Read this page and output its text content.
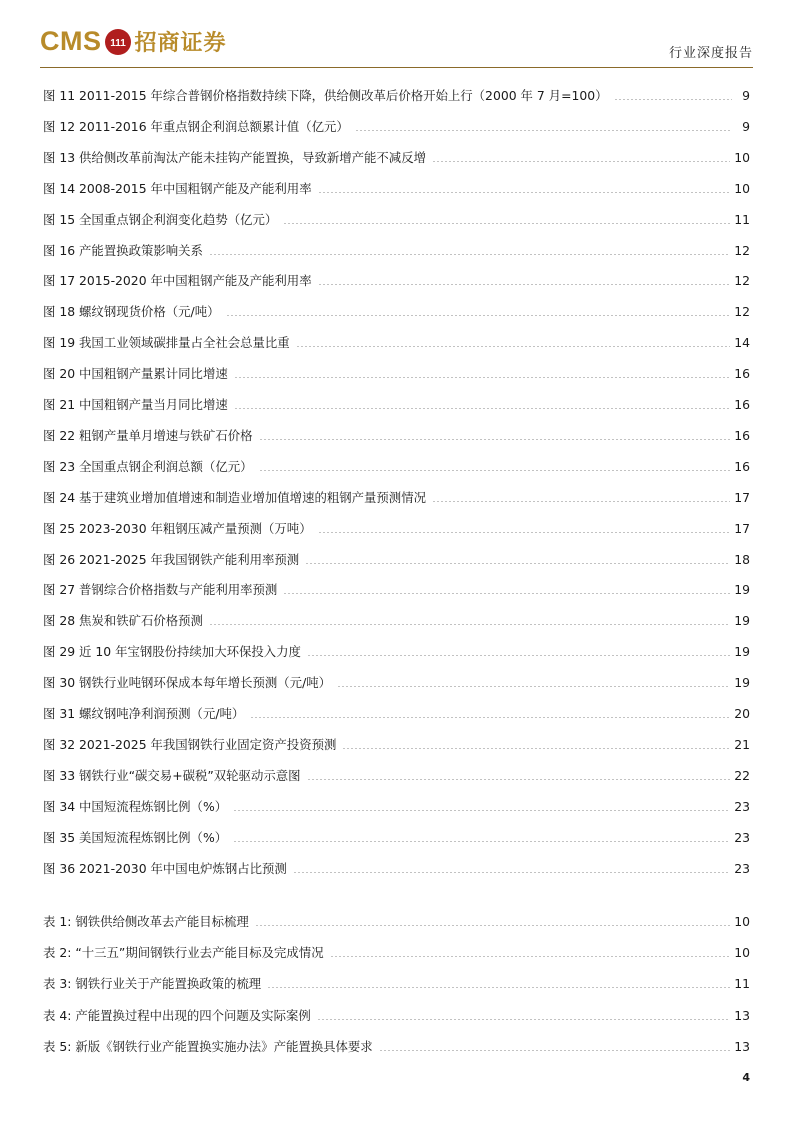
CMS 111 招商证券	行业深度报告
图 11 2011-2015 年综合普钢价格指数持续下降，供给侧改革后价格开始上行（2000 年 7 月=100）	9
图 12 2011-2016 年重点钢企利润总额累计值（亿元）	9
图 13 供给侧改革前淘汰产能未挂钩产能置换，导致新增产能不减反增	10
图 14 2008-2015 年中国粗钢产能及产能利用率	10
图 15 全国重点钢企利润变化趋势（亿元）	11
图 16 产能置换政策影响关系	12
图 17 2015-2020 年中国粗钢产能及产能利用率	12
图 18 螺纹钢现货价格（元/吨）	12
图 19 我国工业领域碳排量占全社会总量比重	14
图 20 中国粗钢产量累计同比增速	16
图 21 中国粗钢产量当月同比增速	16
图 22 粗钢产量单月增速与铁矿石价格	16
图 23 全国重点钢企利润总额（亿元）	16
图 24 基于建筑业增加值增速和制造业增加值增速的粗钢产量预测情况	17
图 25 2023-2030 年粗钢压减产量预测（万吨）	17
图 26 2021-2025 年我国钢铁产能利用率预测	18
图 27 普钢综合价格指数与产能利用率预测	19
图 28 焦炭和铁矿石价格预测	19
图 29 近 10 年宝钢股份持续加大环保投入力度	19
图 30 钢铁行业吨钢环保成本每年增长预测（元/吨）	19
图 31 螺纹钢吨净利润预测（元/吨）	20
图 32 2021-2025 年我国钢铁行业固定资产投资预测	21
图 33 钢铁行业“碳交易+碳税”双轮驱动示意图	22
图 34 中国短流程炼钢比例（%）	23
图 35 美国短流程炼钢比例（%）	23
图 36 2021-2030 年中国电炉炼钢占比预测	23
表 1: 钢铁供给侧改革去产能目标梳理	10
表 2: “十三五”期间钢铁行业去产能目标及完成情况	10
表 3: 钢铁行业关于产能置换政策的梳理	11
表 4: 产能置换过程中出现的四个问题及实际案例	13
表 5: 新版《钢铁行业产能置换实施办法》产能置换具体要求	13
4
